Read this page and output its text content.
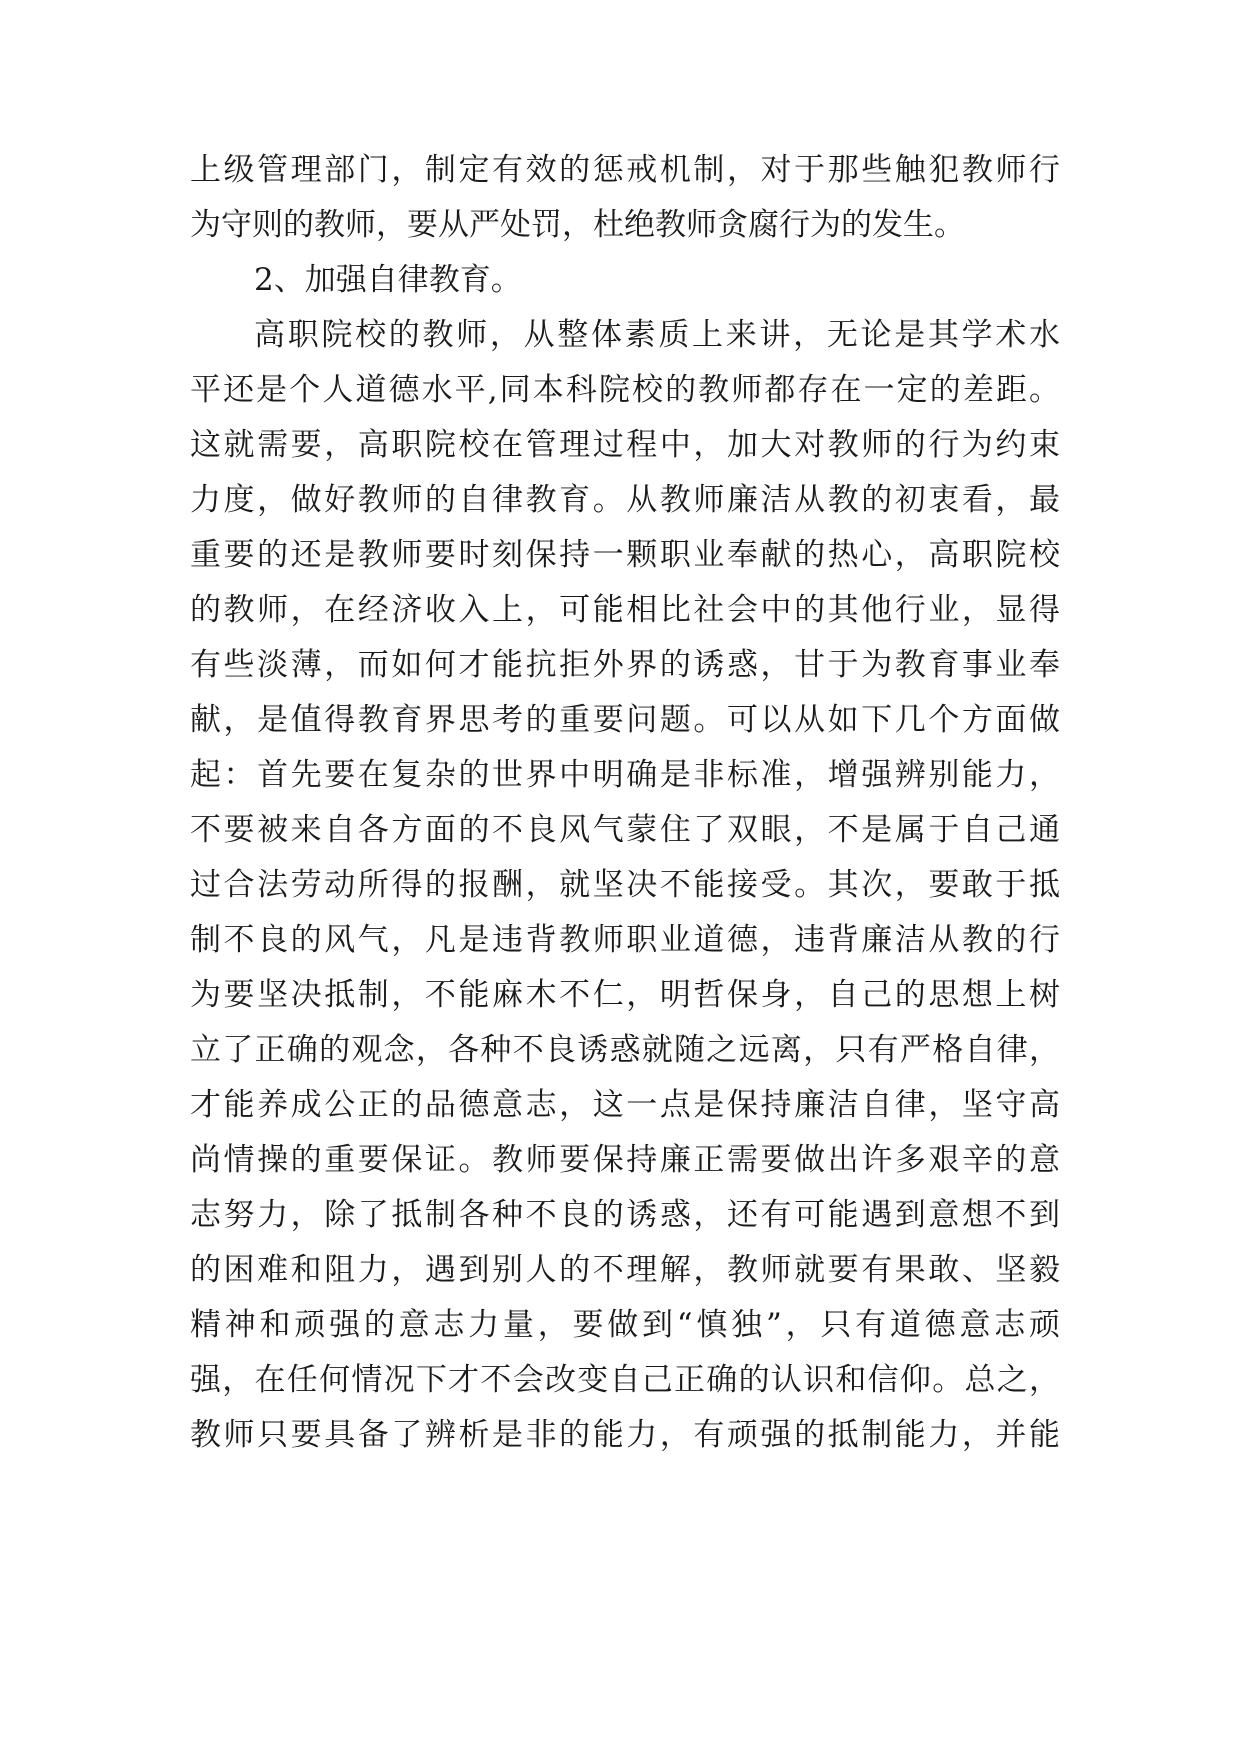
上级管理部门，制定有效的惩戒机制，对于那些触犯教师行
为守则的教师，要从严处罚，杜绝教师贪腐行为的发生。
2、加强自律教育。
高职院校的教师，从整体素质上来讲，无论是其学术水
平还是个人道德水平,同本科院校的教师都存在一定的差距。
这就需要，高职院校在管理过程中，加大对教师的行为约束
力度，做好教师的自律教育。从教师廉洁从教的初衷看，最
重要的还是教师要时刻保持一颗职业奉献的热心，高职院校
的教师，在经济收入上，可能相比社会中的其他行业，显得
有些淡薄，而如何才能抗拒外界的诱惑，甘于为教育事业奉
献，是值得教育界思考的重要问题。可以从如下几个方面做
起：首先要在复杂的世界中明确是非标准，增强辨别能力，
不要被来自各方面的不良风气蒙住了双眼，不是属于自己通
过合法劳动所得的报酬，就坚决不能接受。其次，要敢于抵
制不良的风气，凡是违背教师职业道德，违背廉洁从教的行
为要坚决抵制，不能麻木不仁，明哲保身，自己的思想上树
立了正确的观念，各种不良诱惑就随之远离，只有严格自律，
才能养成公正的品德意志，这一点是保持廉洁自律，坚守高
尚情操的重要保证。教师要保持廉正需要做出许多艰辛的意
志努力，除了抵制各种不良的诱惑，还有可能遇到意想不到
的困难和阻力，遇到别人的不理解，教师就要有果敢、坚毅
精神和顽强的意志力量，要做到“慎独”，只有道德意志顽
强，在任何情况下才不会改变自己正确的认识和信仰。总之，
教师只要具备了辨析是非的能力，有顽强的抵制能力，并能
